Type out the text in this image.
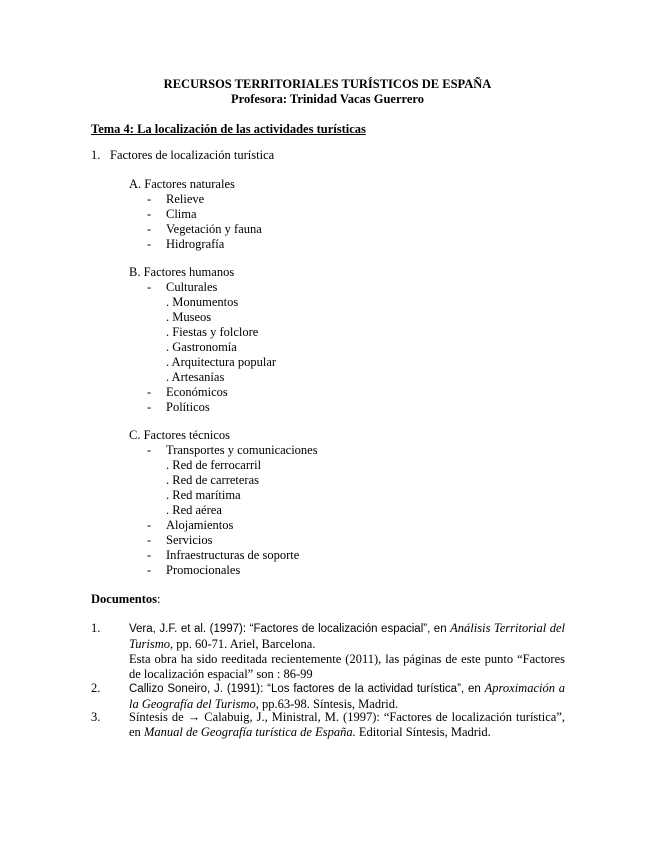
RECURSOS TERRITORIALES TURÍSTICOS DE ESPAÑA
Profesora: Trinidad Vacas Guerrero
Tema 4: La localización de las actividades turísticas
1. Factores de localización turística
A. Factores naturales
- Relieve
- Clima
- Vegetación y fauna
- Hidrografía
B. Factores humanos
- Culturales
. Monumentos
. Museos
. Fiestas y folclore
. Gastronomía
. Arquitectura popular
. Artesanías
- Económicos
- Políticos
C. Factores técnicos
- Transportes y comunicaciones
. Red de ferrocarril
. Red de carreteras
. Red marítima
. Red aérea
- Alojamientos
- Servicios
- Infraestructuras de soporte
- Promocionales
Documentos:
1. Vera, J.F. et al. (1997): “Factores de localización espacial”, en Análisis Territorial del Turismo, pp. 60-71. Ariel, Barcelona.
Esta obra ha sido reeditada recientemente (2011), las páginas de este punto “Factores de localización espacial” son : 86-99
2. Callizo Soneiro, J. (1991): “Los factores de la actividad turística”, en Aproximación a la Geografía del Turismo, pp.63-98. Síntesis, Madrid.
3. Síntesis de → Calabuig, J., Ministral, M. (1997): “Factores de localización turística”, en Manual de Geografía turística de España. Editorial Síntesis, Madrid.
